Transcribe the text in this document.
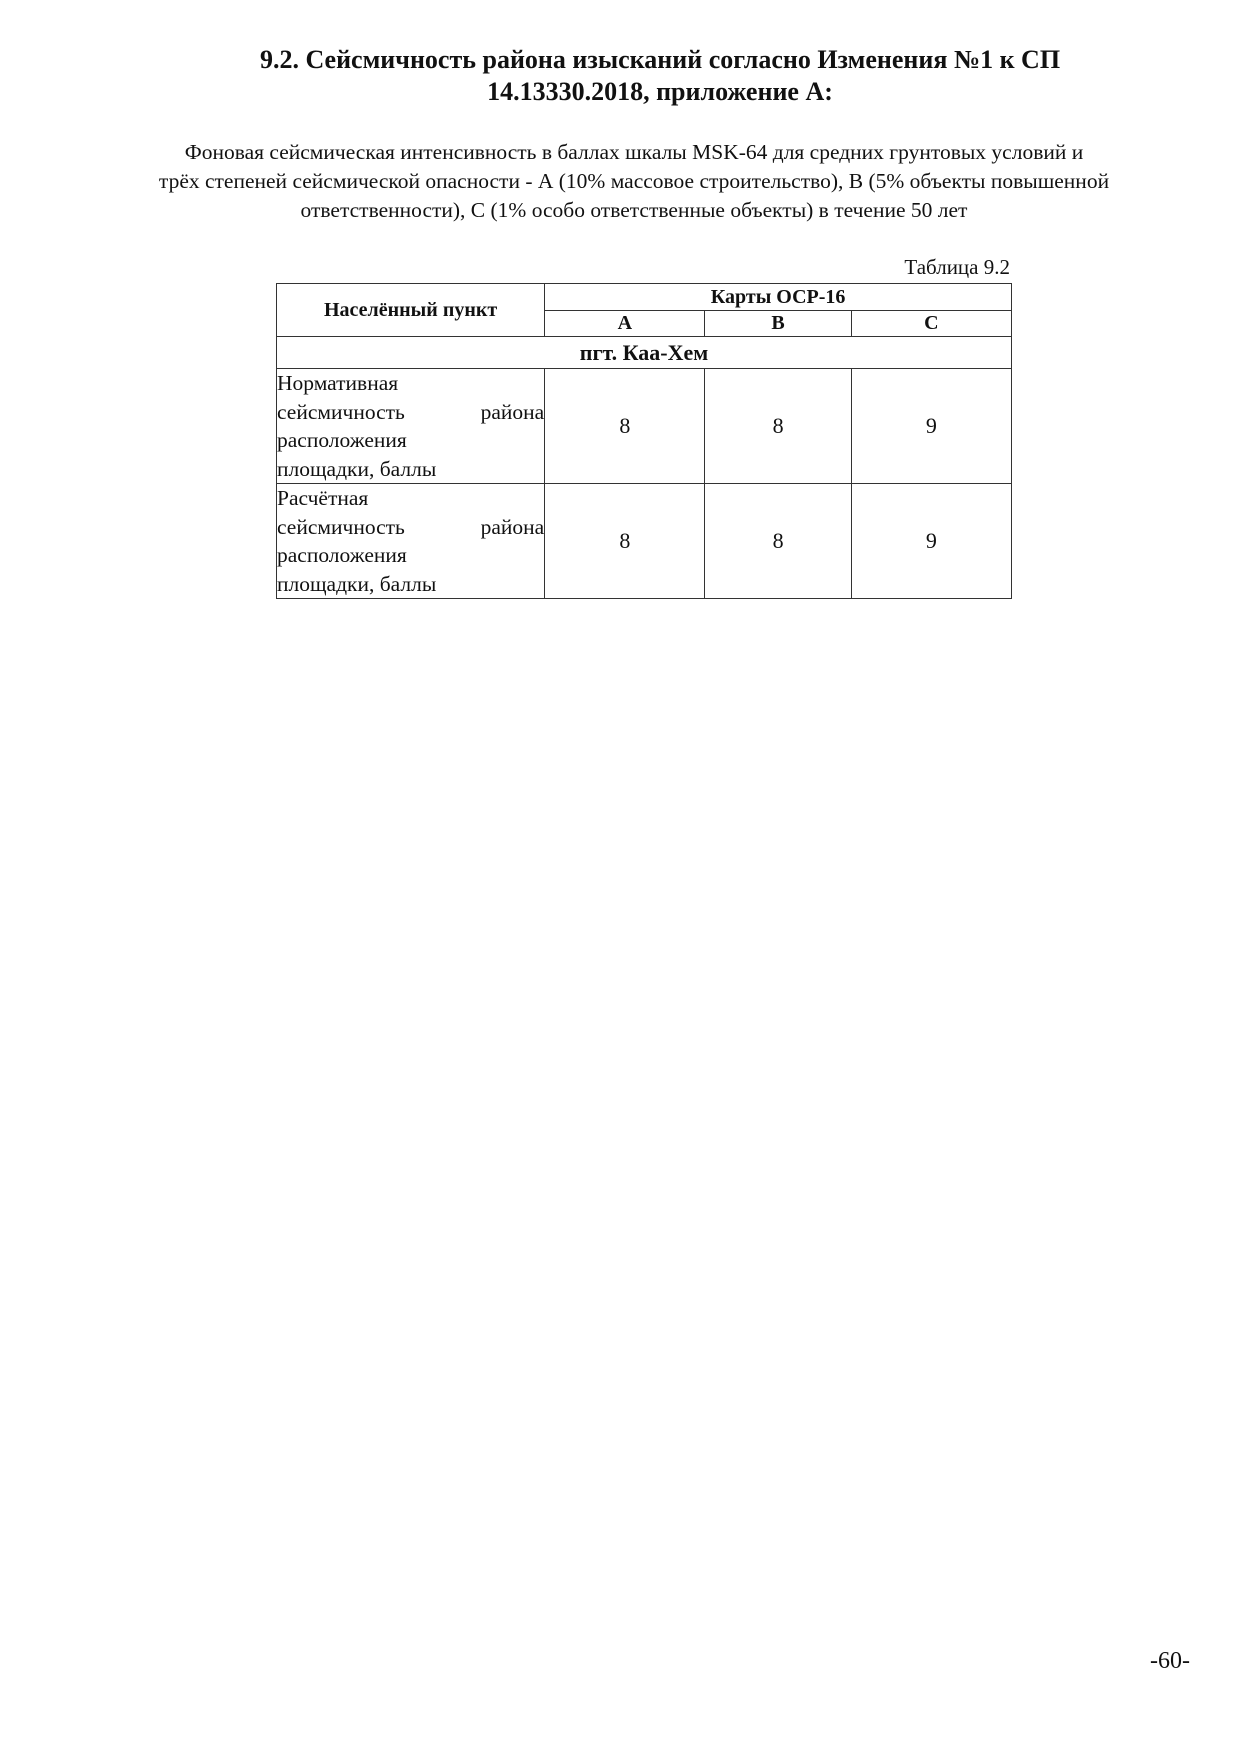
9.2. Сейсмичность района изысканий согласно Изменения №1 к СП
14.13330.2018, приложение А:
Фоновая сейсмическая интенсивность в баллах шкалы MSK-64 для средних грунтовых условий и
трёх степеней сейсмической опасности - А (10% массовое строительство), В (5% объекты повышенной
ответственности), С (1% особо ответственные объекты) в течение 50 лет
Таблица 9.2
Населённый пункт	Карты ОСР-16		
	A	B	C
пгт. Каа-Хем			

Нормативная
сейсмичность района
расположения
площадки, баллы	8	8	9

Расчётная
сейсмичность района
расположения
площадки, баллы	8	8	9
-60-
